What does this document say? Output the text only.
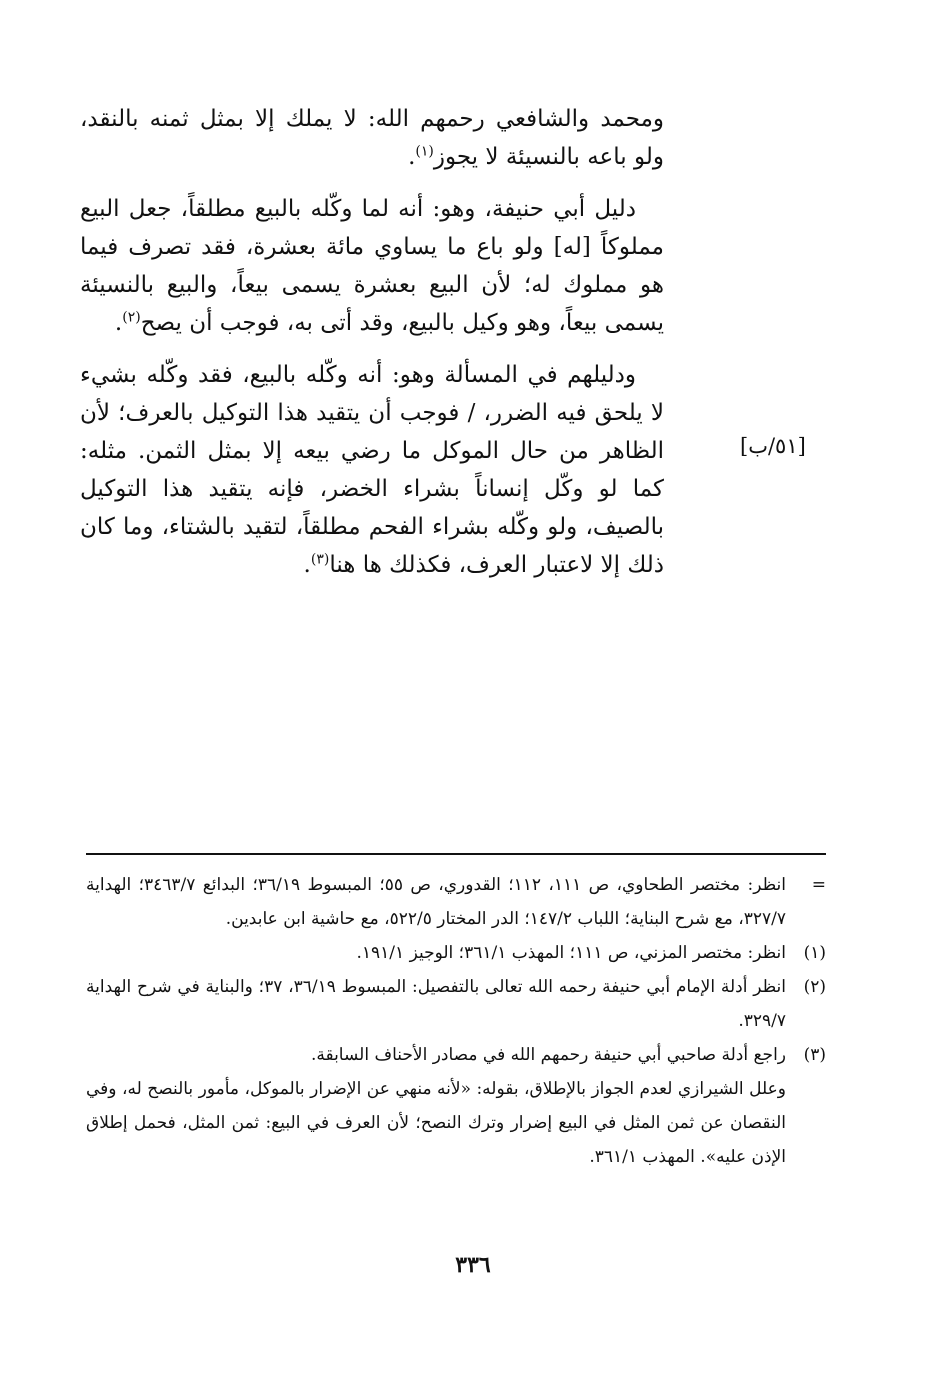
ومحمد والشافعي رحمهم الله: لا يملك إلا بمثل ثمنه بالنقد، ولو باعه بالنسيئة لا يجوز$^{(١)}$.

دليل أبي حنيفة، وهو: أنه لما وكّله بالبيع مطلقاً، جعل البيع مملوكاً [له] ولو باع ما يساوي مائة بعشرة، فقد تصرف فيما هو مملوك له؛ لأن البيع بعشرة يسمى بيعاً، والبيع بالنسيئة يسمى بيعاً، وهو وكيل بالبيع، وقد أتى به، فوجب أن يصح$^{(٢)}$.

ودليلهم في المسألة وهو: أنه وكّله بالبيع، فقد وكّله بشيء لا يلحق فيه الضرر، / فوجب أن يتقيد هذا التوكيل بالعرف؛ لأن الظاهر من حال الموكل ما رضي بيعه إلا بمثل الثمن. مثله: كما لو وكّل إنساناً بشراء الخضر، فإنه يتقيد هذا التوكيل بالصيف، ولو وكّله بشراء الفحم مطلقاً، لتقيد بالشتاء، وما كان ذلك إلا لاعتبار العرف، فكذلك ها هنا$^{(٣)}$.

[٥١/ب]
=
انظر: مختصر الطحاوي، ص ١١١، ١١٢؛ القدوري، ص ٥٥؛ المبسوط ٣٦/١٩؛ البدائع ٣٤٦٣/٧؛ الهداية ٣٢٧/٧، مع شرح البناية؛ اللباب ١٤٧/٢؛ الدر المختار ٥٢٢/٥، مع حاشية ابن عابدين.
(١)
انظر: مختصر المزني، ص ١١١؛ المهذب ٣٦١/١؛ الوجيز ١٩١/١.
(٢)
انظر أدلة الإمام أبي حنيفة رحمه الله تعالى بالتفصيل: المبسوط ٣٦/١٩، ٣٧؛ والبناية في شرح الهداية ٣٢٩/٧.
(٣)
راجع أدلة صاحبي أبي حنيفة رحمهم الله في مصادر الأحناف السابقة.
وعلل الشيرازي لعدم الجواز بالإطلاق، بقوله: «لأنه منهي عن الإضرار بالموكل، مأمور بالنصح له، وفي النقصان عن ثمن المثل في البيع إضرار وترك النصح؛ لأن العرف في البيع: ثمن المثل، فحمل إطلاق الإذن عليه». المهذب ٣٦١/١.
٣٣٦
